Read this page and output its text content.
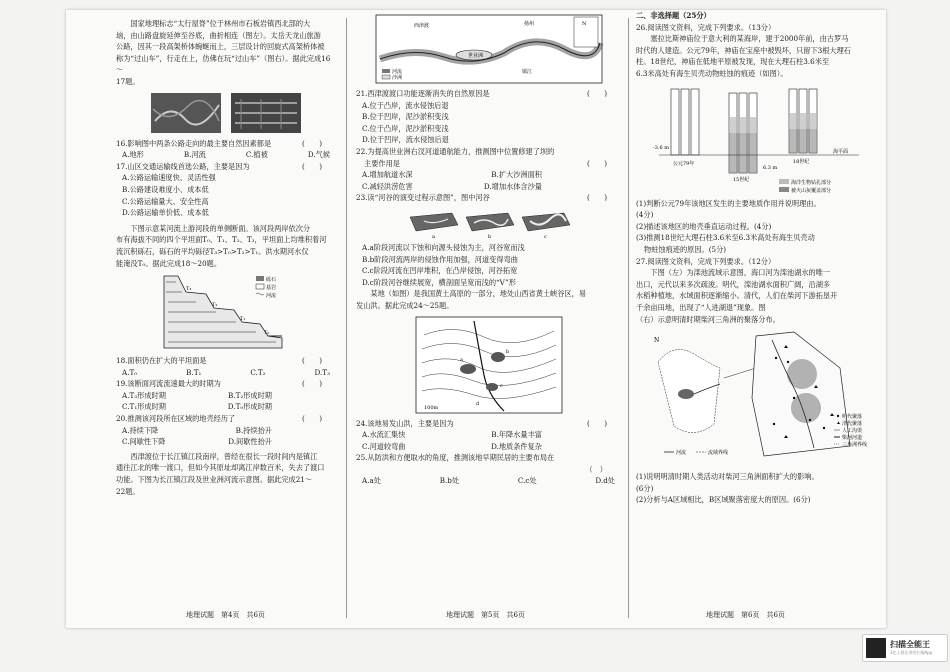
国家地理标志“太行屋脊”位于林州市石板岩镇西北部的大

垴，由山路盘旋延伸至谷底，曲折相连（图左）。太岳天龙山旅游

公路，因其一段高架桥体蜿蜒而上，三层设计的回旋式高架桥体被

称为“过山车”，行走在上，仿佛在玩“过山车”（图右）。据此完成16～

17题。

16.影响图中两条公路走向的最主要自然因素都是	(　　)

A.地形	B.河流	C.植被	D.气候

17.山区交通运输线首选公路，主要是因为	(　　)

A.公路运输速度快、灵活性强

B.公路建设难度小、成本低

C.公路运输量大、安全性高

D.公路运输单价低、成本低

下图示意某河流上游河段的单侧断面。该河段两岸依次分

布有海拔不同的四个平坦面T₀、T₁、T₂、T₃，平坦面上均堆积着河

流沉积砾石，砾石的平均砾径T₃>T₀>T₂>T₁。洪水期河水仅

能淹没T₀。据此完成18～20题。

T₃
T₂
T₁
T₀
砾石
基岩
河流

18.面积仍在扩大的平坦面是	(　　)

A.T₀	B.T₁	C.T₂	D.T₃

19.该断面河流流速最大的时期为	(　　)

A.T₃形成时期	B.T₂形成时期
C.T₁形成时期	D.T₀形成时期

20.推测该河段所在区域的地壳经历了	(　　)

A.持续下降	B.持续抬升
C.间歇性下降	D.间歇性抬升

西津渡位于长江镇江段南岸，曾经在很长一段时间内是镇江

通往江北的唯一渡口，但如今其原址却离江岸数百米，失去了渡口

功能。下图为长江镇江段及世业洲河流示意图。据此完成21～

22题。

地理试题　第4页　共6页
世业洲
扬州
镇江
西津渡
河流
沙洲
N

21.西津渡渡口功能逐渐消失的自然原因是	(　　)

A.位于凸岸，流水侵蚀后退

B.位于凹岸，泥沙淤积变浅

C.位于凸岸，泥沙淤积变浅

D.位于凹岸，流水侵蚀后退

22.为提高世业洲右汊河道通航能力，推测图中位置修建了坝的

主要作用是	(　　)

A.增加航道水深	B.扩大沙洲面积
C.减轻洪涝危害	D.增加水体含沙量

23.读“河谷的演变过程示意图”，图中河谷	(　　)

a	b	c

A.a阶段河流以下蚀和向源头侵蚀为主，河谷宽而浅

B.b阶段河流两岸的侵蚀作用加强，河道变得弯曲

C.c阶段河流在凹岸堆积，在凸岸侵蚀，河谷拓宽

D.c阶段河谷继续展宽，横剖面呈宽而浅的“V”形

某地（如图）是我国黄土高原的一部分，地处山西省黄土峡谷区，易

发山洪。据此完成24～25题。

a
b
c
d
100m

24.该地易发山洪，主要是因为	(　　)

A.水流汇集快	B.年降水量丰富
C.河道较弯曲	D.地质条件复杂

25.从防洪和方便取水的角度，推测该地早期民居的主要布局在

（　）

A.a处	B.b处	C.c处	D.d处
地理试题　第5页　共6页

二、非选择题（25分）

26.阅读图文资料，完成下列要求。（13分）

塞拉比斯神庙位于意大利的某海岸，建于2000年前，由古罗马

时代的人建造。公元79年，神庙在宝座中被毁坏，只留下3根大理石

柱。18世纪，神庙在低地平原被发现，现在大理石柱3.6米至

6.3米高处有海生贝壳动物蛀蚀的痕迹（如图）。

-3.6 m
公元79年
15世纪
18世纪
6.3 m
海平面
海洋生物钻孔部分
被火山灰覆盖部分

(1)判断公元79年该地区发生的主要地质作用并说明理由。

(4分)

(2)描述该地区的地壳垂直运动过程。(4分)

(3)推测18世纪大理石柱3.6米至6.3米高处有海生贝壳动

物蛀蚀痕迹的原因。(5分)

27.阅读图文资料，完成下列要求。（12分）

下图（左）为滦池流域示意图，海口河为滦池湖水的唯一

出口，元代以来多次疏浚。明代，滦池湖水面积广阔，沿湖多

水稻种植地，水域面积逐渐缩小。清代，人们在柴河下游拓垦开

千余亩田地，出现了“人进湖退”现象。图

（右）示意明清时期柴河三角洲的聚落分布。

N
河流	流域界线
明代聚落
清代聚落
人工沟渠
柴河河道
三角洲界线

(1)说明明清时期人类活动对柴河三角洲面积扩大的影响。

(6分)

(2)分析与A区域相比，B区域聚落密度大的原因。(6分)

地理试题　第6页　共6页
扫描全能王
3亿人都在用的扫描App
